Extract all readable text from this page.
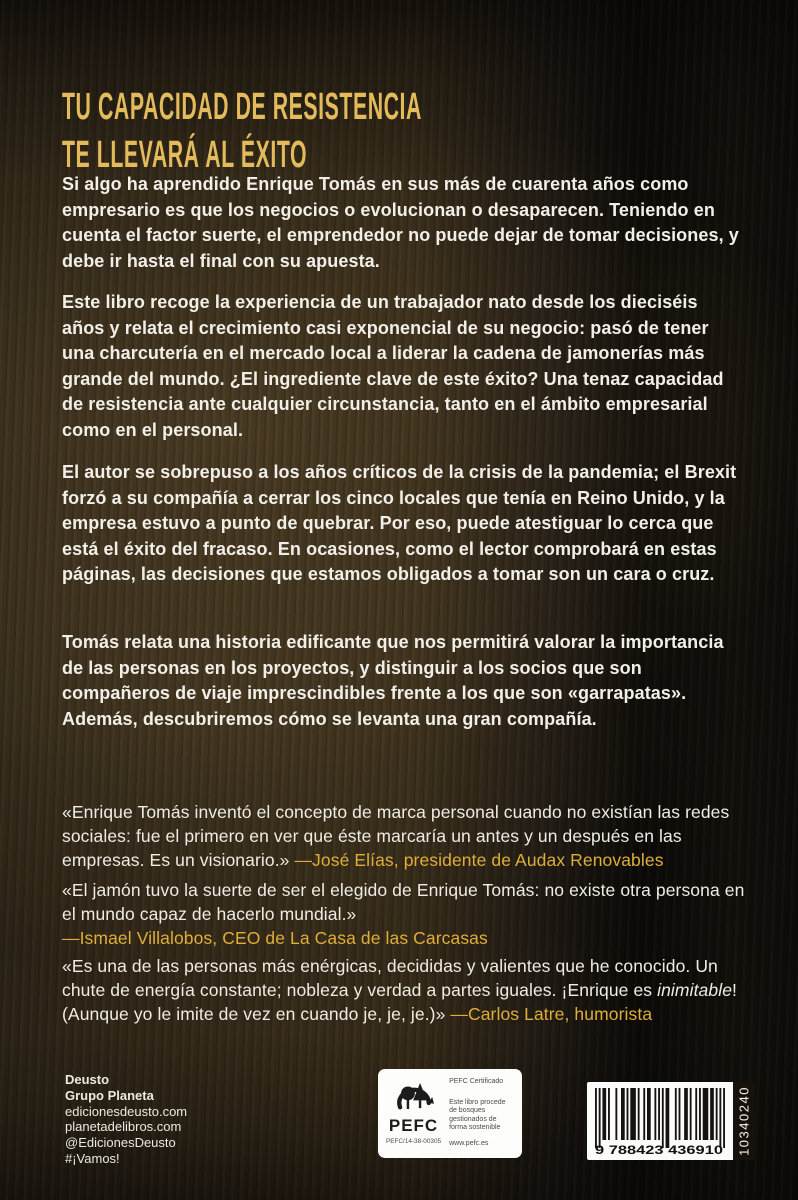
TU CAPACIDAD DE RESISTENCIA
TE LLEVARÁ AL ÉXITO

Si algo ha aprendido Enrique Tomás en sus más de cuarenta años como empresario es que los negocios o evolucionan o desaparecen. Teniendo en cuenta el factor suerte, el emprendedor no puede dejar de tomar decisiones, y debe ir hasta el final con su apuesta.

Este libro recoge la experiencia de un trabajador nato desde los dieciséis años y relata el crecimiento casi exponencial de su negocio: pasó de tener una charcutería en el mercado local a liderar la cadena de jamonerías más grande del mundo. ¿El ingrediente clave de este éxito? Una tenaz capacidad de resistencia ante cualquier circunstancia, tanto en el ámbito empresarial como en el personal.

El autor se sobrepuso a los años críticos de la crisis de la pandemia; el Brexit forzó a su compañía a cerrar los cinco locales que tenía en Reino Unido, y la empresa estuvo a punto de quebrar. Por eso, puede atestiguar lo cerca que está el éxito del fracaso. En ocasiones, como el lector comprobará en estas páginas, las decisiones que estamos obligados a tomar son un cara o cruz.

Tomás relata una historia edificante que nos permitirá valorar la importancia de las personas en los proyectos, y distinguir a los socios que son compañeros de viaje imprescindibles frente a los que son «garrapatas». Además, descubriremos cómo se levanta una gran compañía.

«Enrique Tomás inventó el concepto de marca personal cuando no existían las redes sociales: fue el primero en ver que éste marcaría un antes y un después en las empresas. Es un visionario.» —José Elías, presidente de Audax Renovables

«El jamón tuvo la suerte de ser el elegido de Enrique Tomás: no existe otra persona en el mundo capaz de hacerlo mundial.»
—Ismael Villalobos, CEO de La Casa de las Carcasas

«Es una de las personas más enérgicas, decididas y valientes que he conocido. Un chute de energía constante; nobleza y verdad a partes iguales. ¡Enrique es inimitable! (Aunque yo le imite de vez en cuando je, je, je.)» —Carlos Latre, humorista

Deusto
Grupo Planeta
edicionesdeusto.com
planetadelibros.com
@EdicionesDeusto
#¡Vamos!
PEFC
PEFC/14-38-00305
PEFC Certificado
Este libro procede de bosques gestionados de forma sostenible
www.pefc.es	9 788423 436910 10340240
